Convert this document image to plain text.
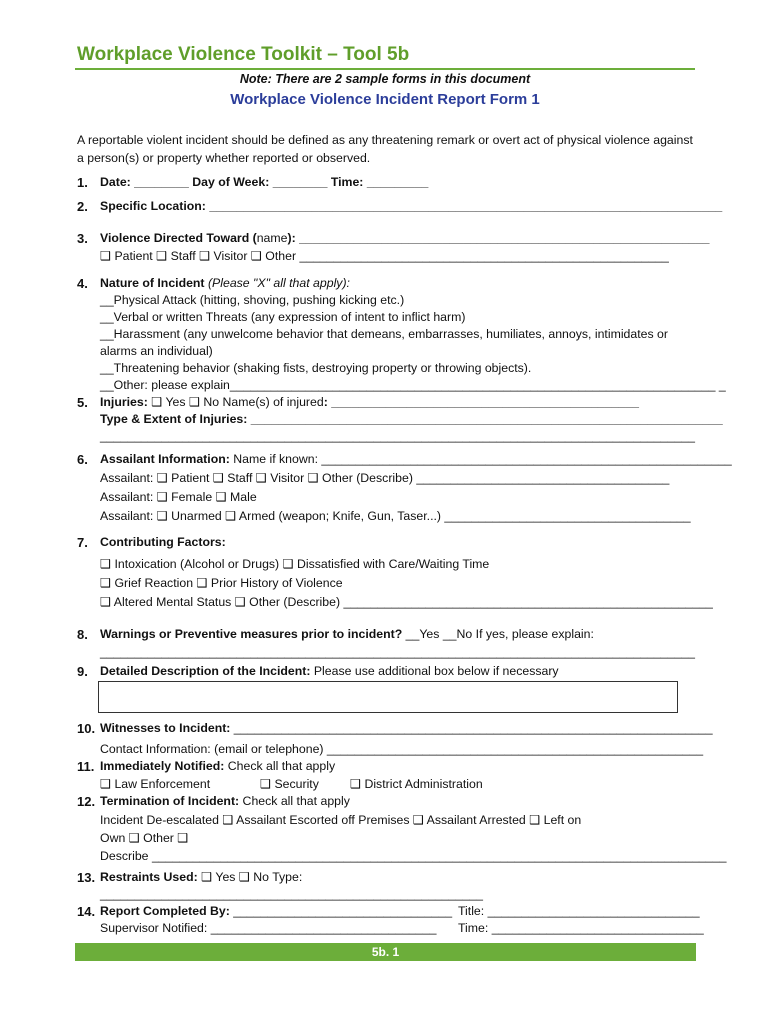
Workplace Violence Toolkit – Tool 5b
Note: There are 2 sample forms in this document
Workplace Violence Incident Report Form 1
A reportable violent incident should be defined as any threatening remark or overt act of physical violence against a person(s) or property whether reported or observed.
1. Date: ________ Day of Week: ________ Time: _________
2. Specific Location: ___________________________________________________________________________
3. Violence Directed Toward (name): ____________________________________________________________
❑ Patient ❑ Staff ❑ Visitor ❑ Other ______________________________________________________
4. Nature of Incident (Please "X" all that apply):
__Physical Attack (hitting, shoving, pushing kicking etc.)
__Verbal or written Threats (any expression of intent to inflict harm)
__Harassment (any unwelcome behavior that demeans, embarrasses, humiliates, annoys, intimidates or
alarms an individual)
__Threatening behavior (shaking fists, destroying property or throwing objects).
__Other: please explain_______________________________________________________________________ _
5. Injuries: ❑ Yes ❑ No Name(s) of injured: _____________________________________________
Type & Extent of Injuries: _____________________________________________________________________
_______________________________________________________________________________________
6. Assailant Information: Name if known: ____________________________________________________________
Assailant: ❑ Patient ❑ Staff ❑ Visitor ❑ Other (Describe) _____________________________________
Assailant: ❑ Female ❑ Male
Assailant: ❑ Unarmed ❑ Armed (weapon; Knife, Gun, Taser...) ____________________________________
7. Contributing Factors:
❑ Intoxication (Alcohol or Drugs) ❑ Dissatisfied with Care/Waiting Time
❑ Grief Reaction ❑ Prior History of Violence
❑ Altered Mental Status ❑ Other (Describe) ______________________________________________________
8. Warnings or Preventive measures prior to incident? __Yes __No If yes, please explain:
_______________________________________________________________________________________
9. Detailed Description of the Incident: Please use additional box below if necessary
10. Witnesses to Incident: ______________________________________________________________________
Contact Information: (email or telephone) _______________________________________________________
11. Immediately Notified: Check all that apply
❑ Law Enforcement	❑ Security	❑ District Administration
12. Termination of Incident: Check all that apply
Incident De-escalated ❑ Assailant Escorted off Premises ❑ Assailant Arrested ❑ Left on
Own ❑ Other ❑
Describe ____________________________________________________________________________________
13. Restraints Used: ❑ Yes ❑ No Type:
________________________________________________________
14. Report Completed By: ________________________________ Title: _______________________________
Supervisor Notified: _________________________________ Time: _______________________________
5b. 1
